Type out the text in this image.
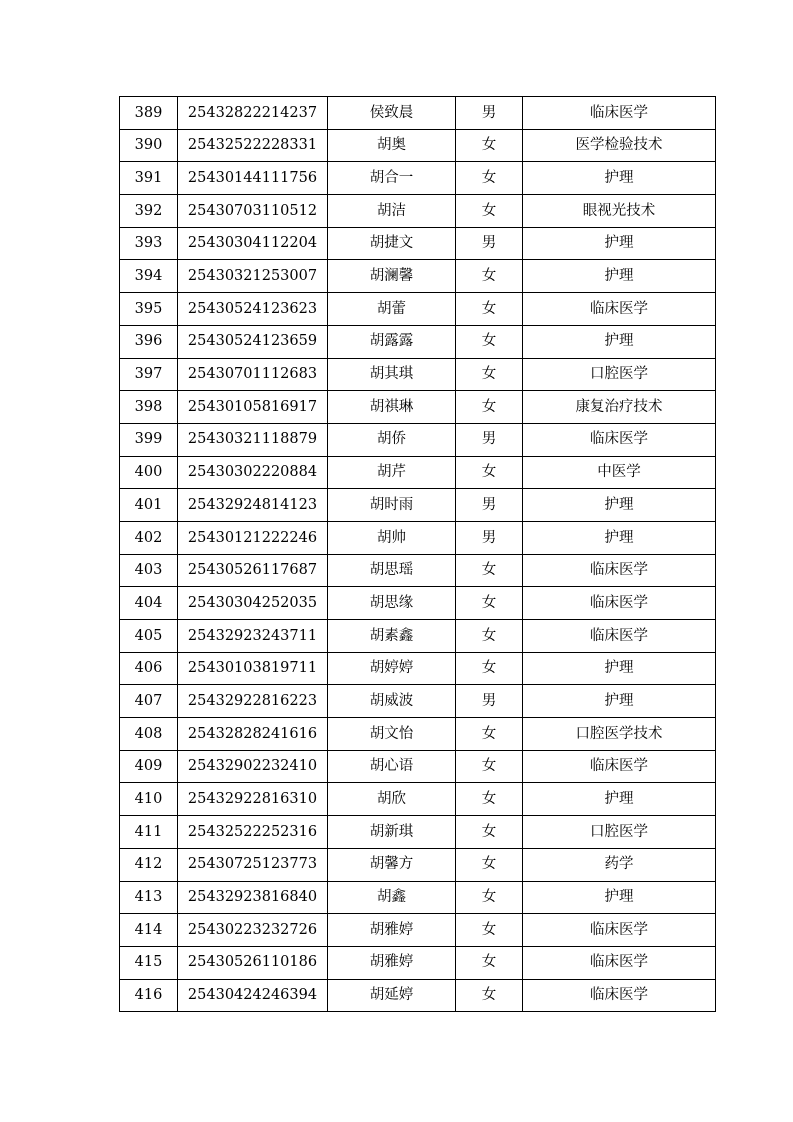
389	25432822214237	侯致晨	男	临床医学
390	25432522228331	胡奥	女	医学检验技术
391	25430144111756	胡合一	女	护理
392	25430703110512	胡洁	女	眼视光技术
393	25430304112204	胡捷文	男	护理
394	25430321253007	胡澜馨	女	护理
395	25430524123623	胡蕾	女	临床医学
396	25430524123659	胡露露	女	护理
397	25430701112683	胡其琪	女	口腔医学
398	25430105816917	胡祺琳	女	康复治疗技术
399	25430321118879	胡侨	男	临床医学
400	25430302220884	胡芹	女	中医学
401	25432924814123	胡时雨	男	护理
402	25430121222246	胡帅	男	护理
403	25430526117687	胡思瑶	女	临床医学
404	25430304252035	胡思缘	女	临床医学
405	25432923243711	胡素鑫	女	临床医学
406	25430103819711	胡婷婷	女	护理
407	25432922816223	胡威波	男	护理
408	25432828241616	胡文怡	女	口腔医学技术
409	25432902232410	胡心语	女	临床医学
410	25432922816310	胡欣	女	护理
411	25432522252316	胡新琪	女	口腔医学
412	25430725123773	胡馨方	女	药学
413	25432923816840	胡鑫	女	护理
414	25430223232726	胡雅婷	女	临床医学
415	25430526110186	胡雅婷	女	临床医学
416	25430424246394	胡延婷	女	临床医学
